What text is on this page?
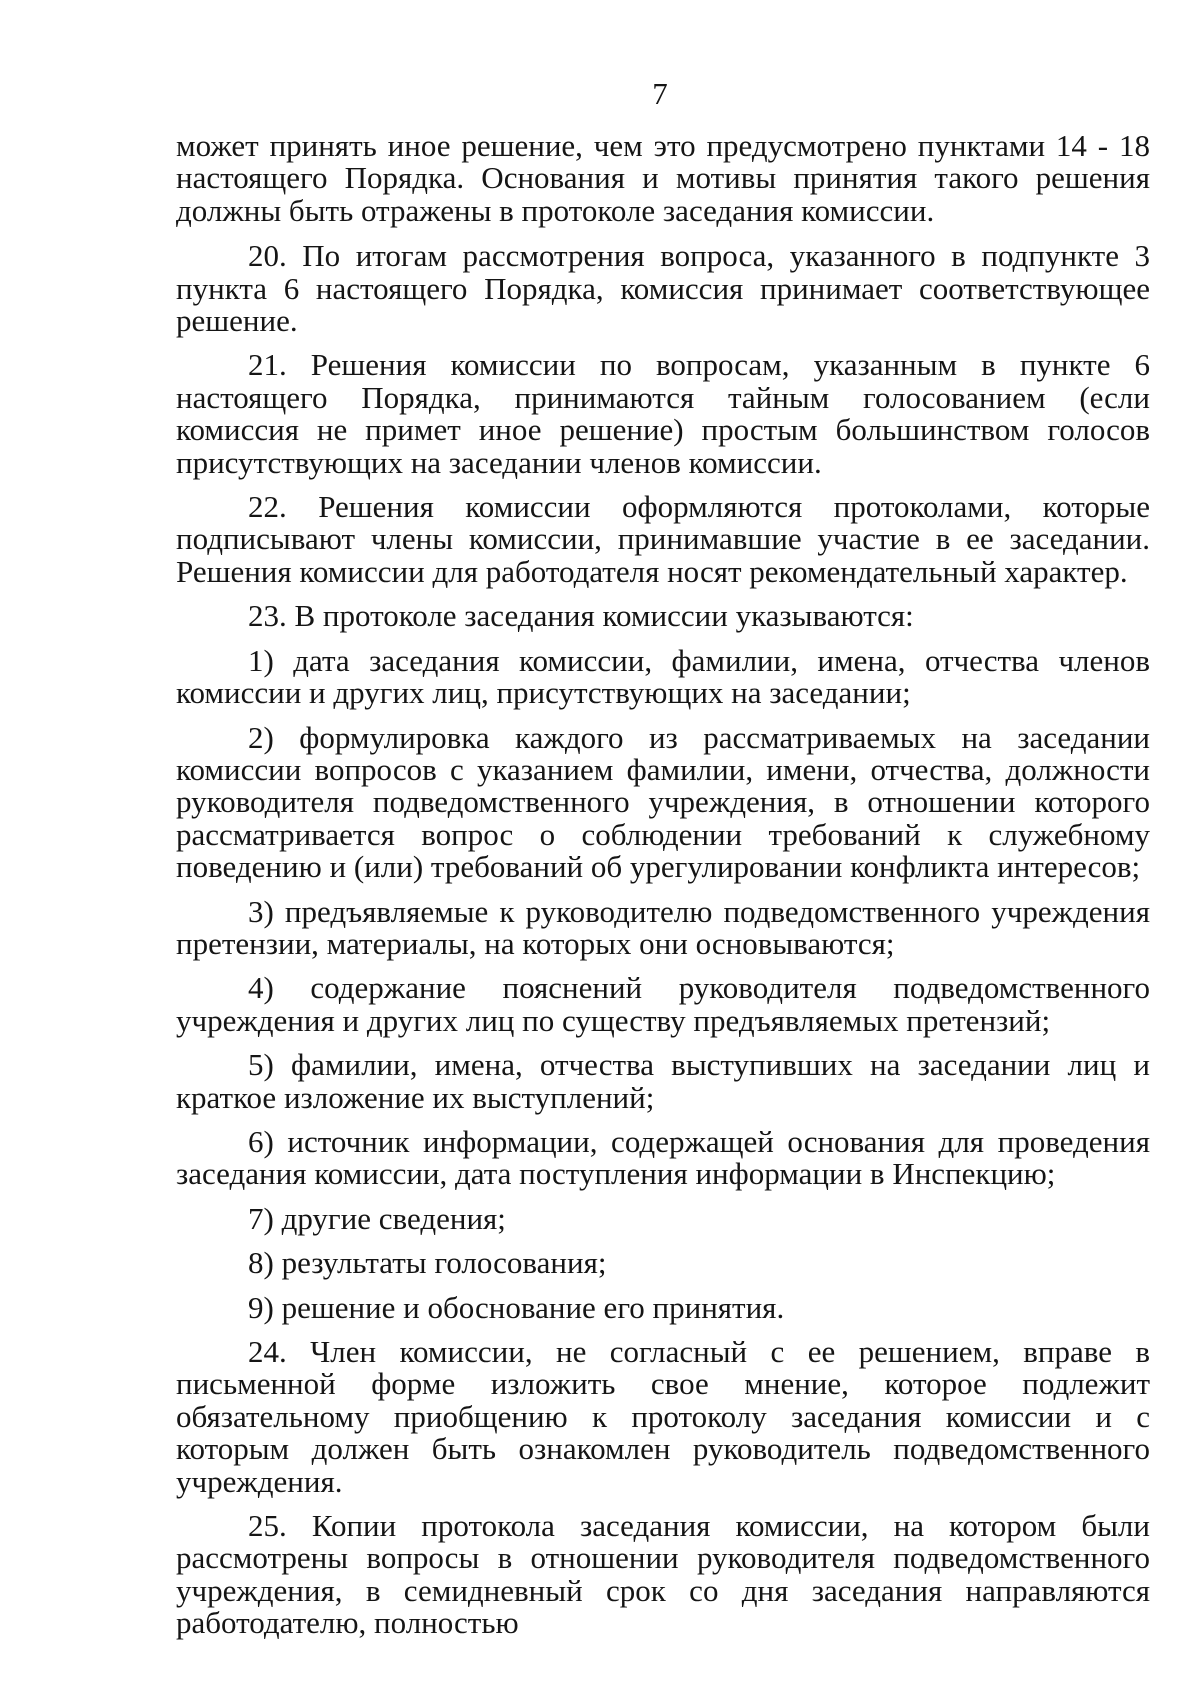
7

может принять иное решение, чем это предусмотрено пунктами 14 - 18 настоящего Порядка. Основания и мотивы принятия такого решения должны быть отражены в протоколе заседания комиссии.

20. По итогам рассмотрения вопроса, указанного в подпункте 3 пункта 6 настоящего Порядка, комиссия принимает соответствующее решение.

21. Решения комиссии по вопросам, указанным в пункте 6 настоящего Порядка, принимаются тайным голосованием (если комиссия не примет иное решение) простым большинством голосов присутствующих на заседании членов комиссии.

22. Решения комиссии оформляются протоколами, которые подписывают члены комиссии, принимавшие участие в ее заседании. Решения комиссии для работодателя носят рекомендательный характер.

23. В протоколе заседания комиссии указываются:

1) дата заседания комиссии, фамилии, имена, отчества членов комиссии и других лиц, присутствующих на заседании;

2) формулировка каждого из рассматриваемых на заседании комиссии вопросов с указанием фамилии, имени, отчества, должности руководителя подведомственного учреждения, в отношении которого рассматривается вопрос о соблюдении требований к служебному поведению и (или) требований об урегулировании конфликта интересов;

3) предъявляемые к руководителю подведомственного учреждения претензии, материалы, на которых они основываются;

4) содержание пояснений руководителя подведомственного учреждения и других лиц по существу предъявляемых претензий;

5) фамилии, имена, отчества выступивших на заседании лиц и краткое изложение их выступлений;

6) источник информации, содержащей основания для проведения заседания комиссии, дата поступления информации в Инспекцию;

7) другие сведения;

8) результаты голосования;

9) решение и обоснование его принятия.

24. Член комиссии, не согласный с ее решением, вправе в письменной форме изложить свое мнение, которое подлежит обязательному приобщению к протоколу заседания комиссии и с которым должен быть ознакомлен руководитель подведомственного учреждения.

25. Копии протокола заседания комиссии, на котором были рассмотрены вопросы в отношении руководителя подведомственного учреждения, в семидневный срок со дня заседания направляются работодателю, полностью
